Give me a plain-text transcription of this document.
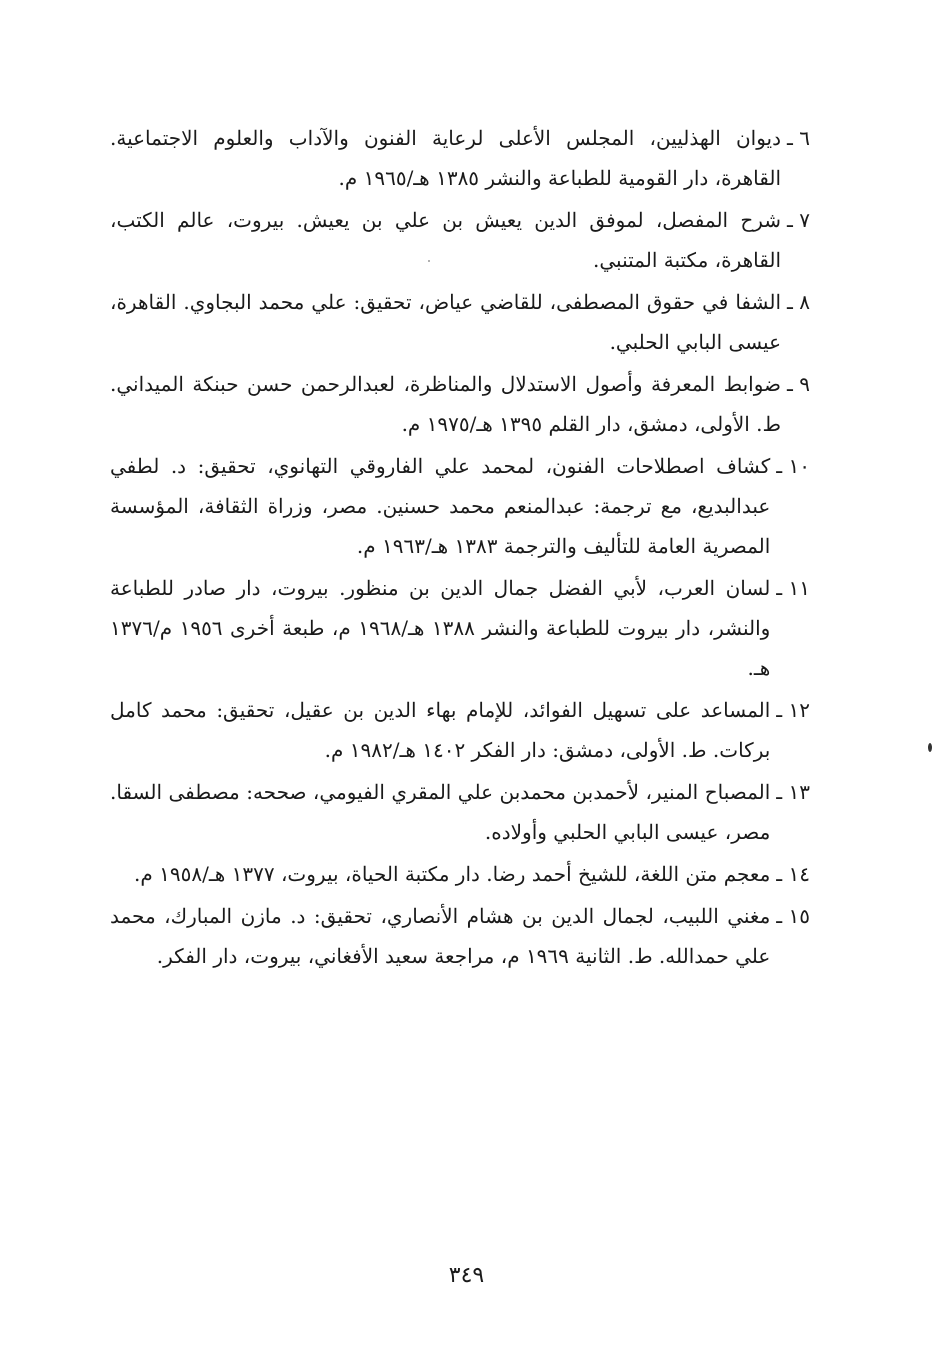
٦ ـ
ديوان الهذليين، المجلس الأعلى لرعاية الفنون والآداب والعلوم الاجتماعية. القاهرة، دار القومية للطباعة والنشر ١٣٨٥ هـ/١٩٦٥ م.
٧ ـ
شرح المفصل، لموفق الدين يعيش بن علي بن يعيش. بيروت، عالم الكتب، القاهرة، مكتبة المتنبي.
٨ ـ
الشفا في حقوق المصطفى، للقاضي عياض، تحقيق: علي محمد البجاوي. القاهرة، عيسى البابي الحلبي.
٩ ـ
ضوابط المعرفة وأصول الاستدلال والمناظرة، لعبدالرحمن حسن حبنكة الميداني. ط. الأولى، دمشق، دار القلم ١٣٩٥ هـ/١٩٧٥ م.
١٠ ـ
كشاف اصطلاحات الفنون، لمحمد علي الفاروقي التهانوي، تحقيق: د. لطفي عبدالبديع، مع ترجمة: عبدالمنعم محمد حسنين. مصر، وزراة الثقافة، المؤسسة المصرية العامة للتأليف والترجمة ١٣٨٣ هـ/١٩٦٣ م.
١١ ـ
لسان العرب، لأبي الفضل جمال الدين بن منظور. بيروت، دار صادر للطباعة والنشر، دار بيروت للطباعة والنشر ١٣٨٨ هـ/١٩٦٨ م، طبعة أخرى ١٩٥٦ م/١٣٧٦ هـ.
١٢ ـ
المساعد على تسهيل الفوائد، للإمام بهاء الدين بن عقيل، تحقيق: محمد كامل بركات. ط. الأولى، دمشق: دار الفكر ١٤٠٢ هـ/١٩٨٢ م.
١٣ ـ
المصباح المنير، لأحمدبن محمدبن علي المقري الفيومي، صححه: مصطفى السقا. مصر، عيسى البابي الحلبي وأولاده.
١٤ ـ
معجم متن اللغة، للشيخ أحمد رضا. دار مكتبة الحياة، بيروت، ١٣٧٧ هـ/١٩٥٨ م.
١٥ ـ
مغني اللبيب، لجمال الدين بن هشام الأنصاري، تحقيق: د. مازن المبارك، محمد علي حمدالله. ط. الثانية ١٩٦٩ م، مراجعة سعيد الأفغاني، بيروت، دار الفكر.
٣٤٩
